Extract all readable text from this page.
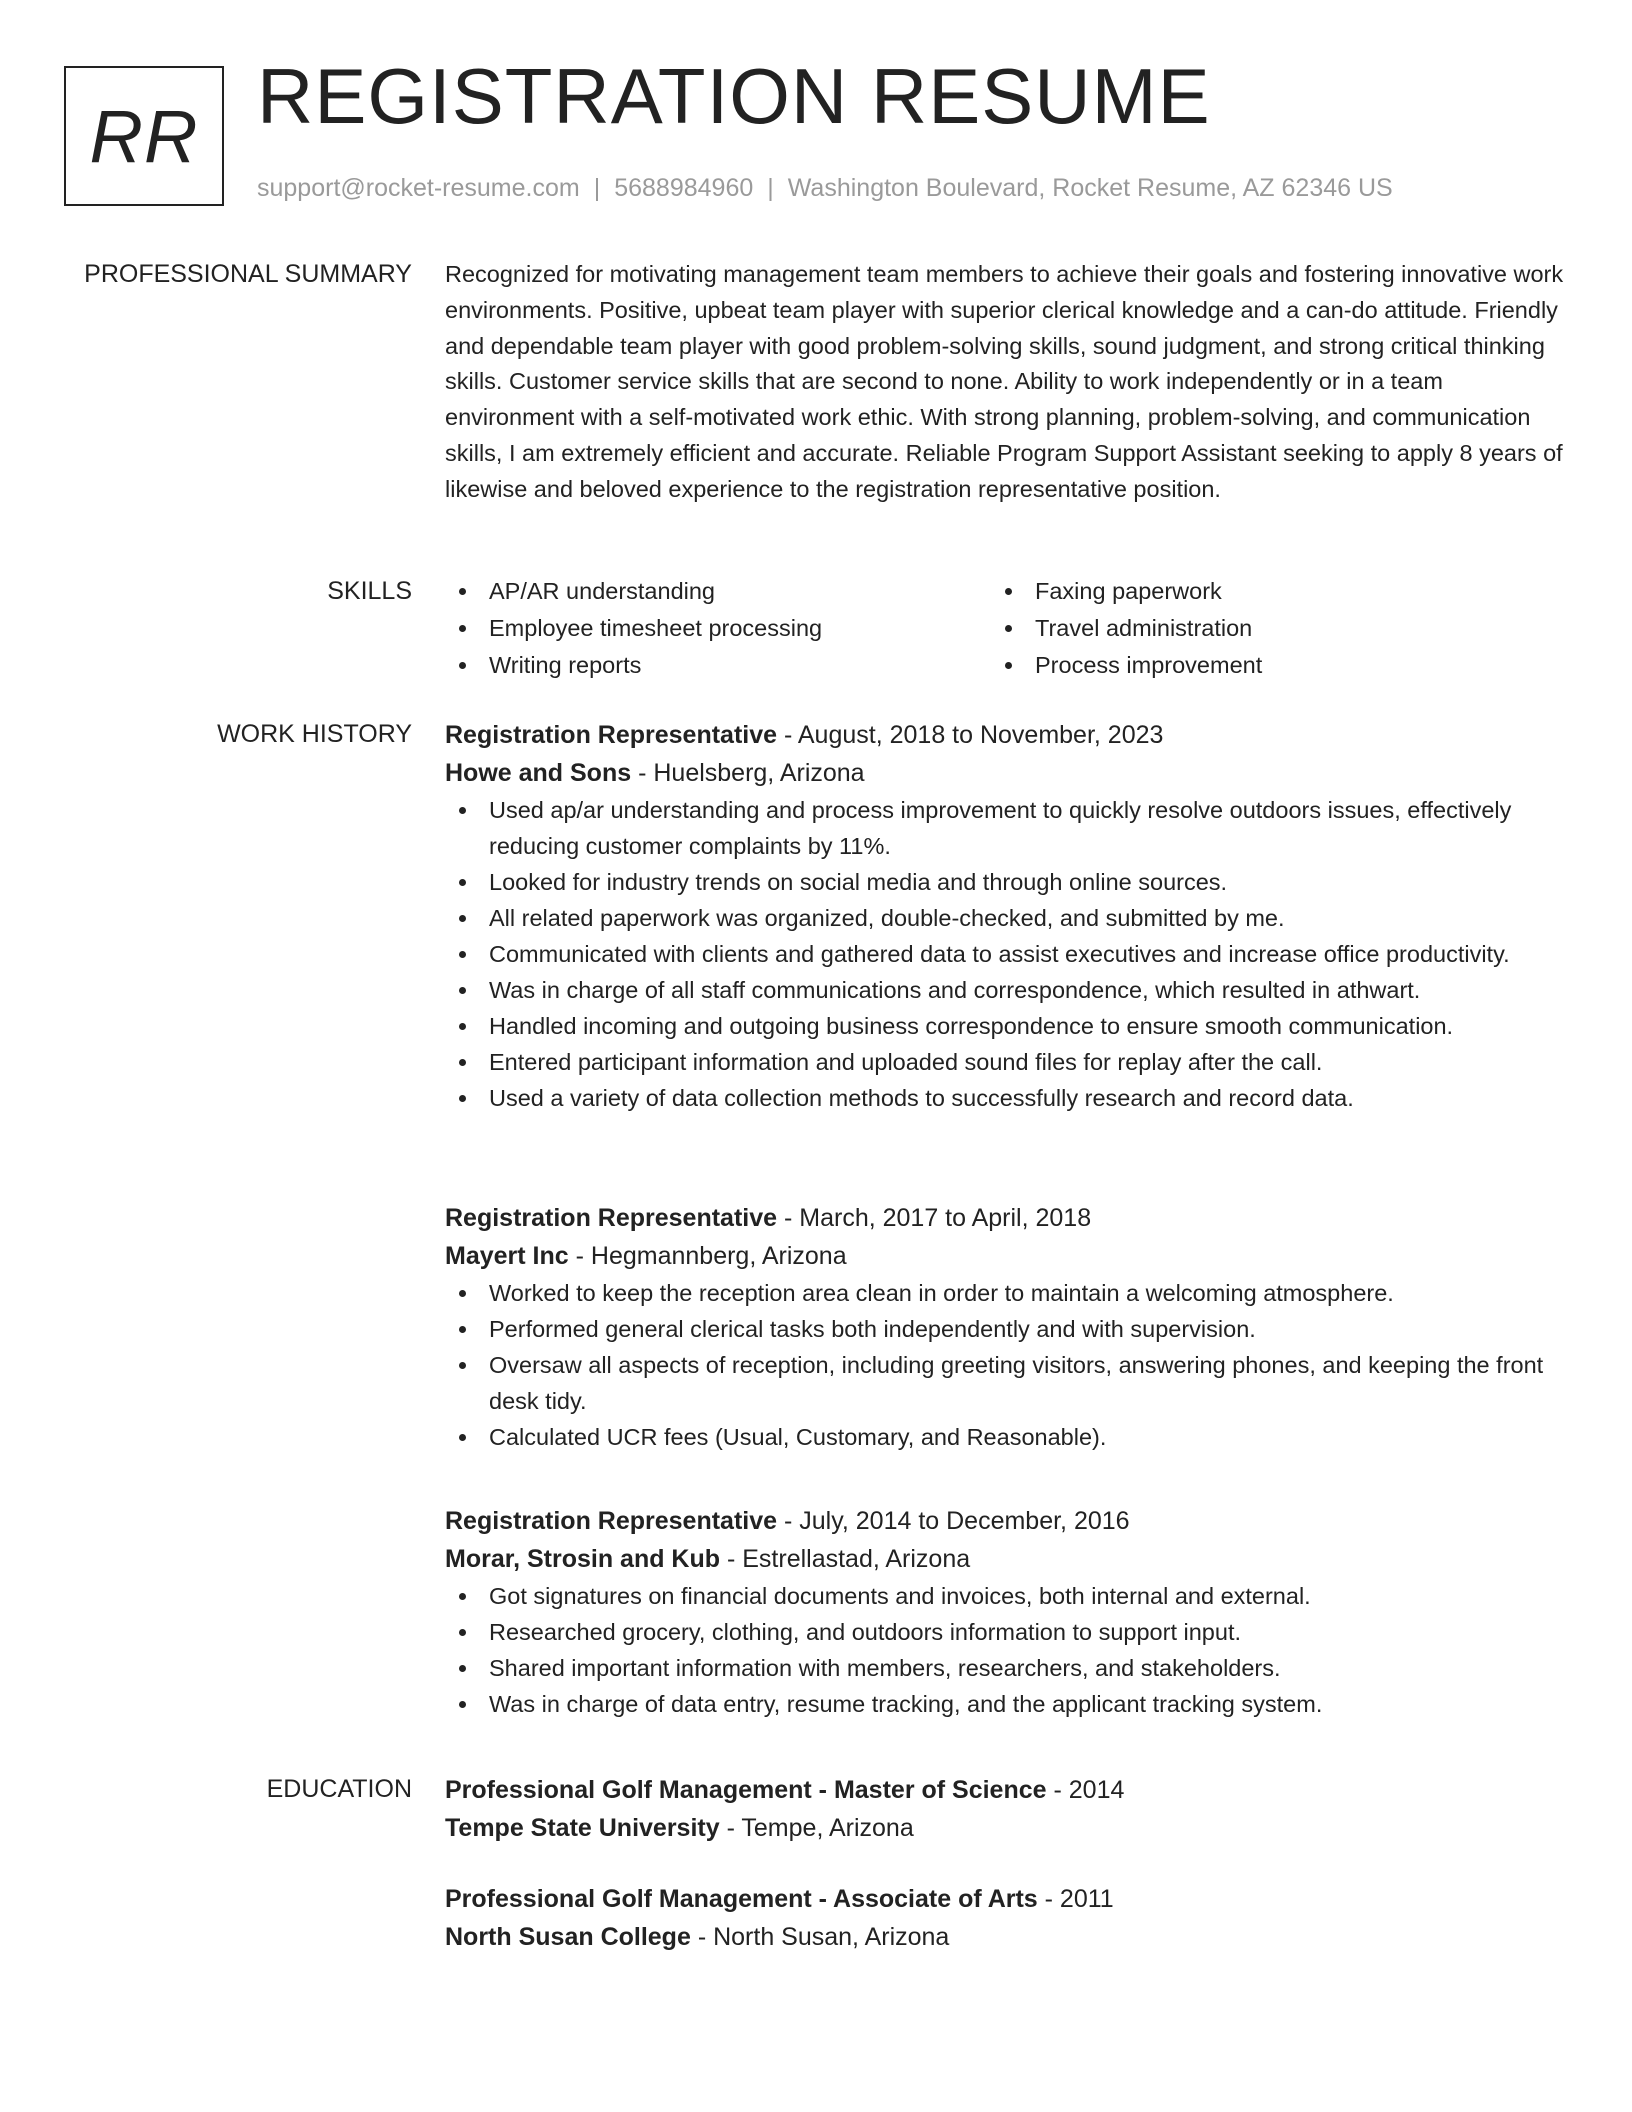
RR REGISTRATION RESUME
support@rocket-resume.com | 5688984960 | Washington Boulevard, Rocket Resume, AZ 62346 US
PROFESSIONAL SUMMARY Recognized for motivating management team members to achieve their goals and fostering innovative work environments. Positive, upbeat team player with superior clerical knowledge and a can-do attitude. Friendly and dependable team player with good problem-solving skills, sound judgment, and strong critical thinking skills. Customer service skills that are second to none. Ability to work independently or in a team environment with a self-motivated work ethic. With strong planning, problem-solving, and communication skills, I am extremely efficient and accurate. Reliable Program Support Assistant seeking to apply 8 years of likewise and beloved experience to the registration representative position.

SKILLS	AP/AR understanding	Faxing paperwork
Employee timesheet processing	Travel administration
Writing reports	Process improvement
WORK HISTORY Registration Representative - August, 2018 to November, 2023
Howe and Sons - Huelsberg, Arizona
Used ap/ar understanding and process improvement to quickly resolve outdoors issues, effectively reducing customer complaints by 11%.
Looked for industry trends on social media and through online sources.
All related paperwork was organized, double-checked, and submitted by me.
Communicated with clients and gathered data to assist executives and increase office productivity.
Was in charge of all staff communications and correspondence, which resulted in athwart.
Handled incoming and outgoing business correspondence to ensure smooth communication.
Entered participant information and uploaded sound files for replay after the call.
Used a variety of data collection methods to successfully research and record data.
Registration Representative - March, 2017 to April, 2018
Mayert Inc - Hegmannberg, Arizona
Worked to keep the reception area clean in order to maintain a welcoming atmosphere.
Performed general clerical tasks both independently and with supervision.
Oversaw all aspects of reception, including greeting visitors, answering phones, and keeping the front desk tidy.
Calculated UCR fees (Usual, Customary, and Reasonable).
Registration Representative - July, 2014 to December, 2016
Morar, Strosin and Kub - Estrellastad, Arizona
Got signatures on financial documents and invoices, both internal and external.
Researched grocery, clothing, and outdoors information to support input.
Shared important information with members, researchers, and stakeholders.
Was in charge of data entry, resume tracking, and the applicant tracking system.
EDUCATION Professional Golf Management - Master of Science - 2014
Tempe State University - Tempe, Arizona
Professional Golf Management - Associate of Arts - 2011
North Susan College - North Susan, Arizona
